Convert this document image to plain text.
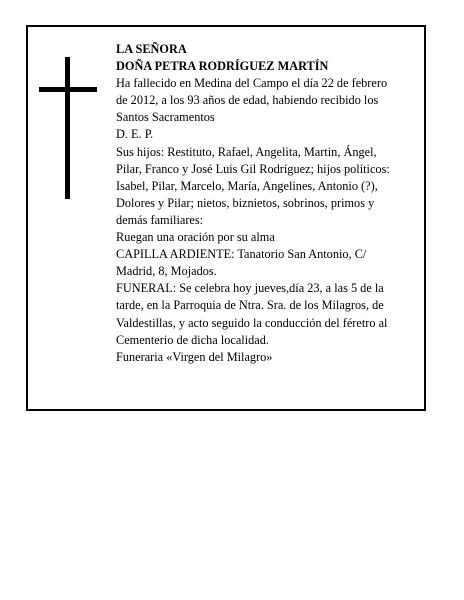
LA SEÑORA
DOÑA PETRA RODRÍGUEZ MARTÍN
Ha fallecido en Medina del Campo el día 22 de febrero
de 2012, a los 93 años de edad, habiendo recibido los
Santos Sacramentos
D. E. P.
Sus hijos: Restituto, Rafael, Angelita, Martin, Ángel,
Pilar, Franco y José Luis Gil Rodríguez; hijos políticos:
Isabel, Pilar, Marcelo, María, Angelines, Antonio (?),
Dolores y Pilar; nietos, biznietos, sobrinos, primos y
demás familiares:
Ruegan una oración por su alma
CAPILLA ARDIENTE: Tanatorio San Antonio, C/
Madrid, 8, Mojados.
FUNERAL: Se celebra hoy jueves,día 23, a las 5 de la
tarde, en la Parroquia de Ntra. Sra. de los Milagros, de
Valdestillas, y acto seguido la conducción del féretro al
Cementerio de dicha localidad.
Funeraria «Virgen del Milagro»
